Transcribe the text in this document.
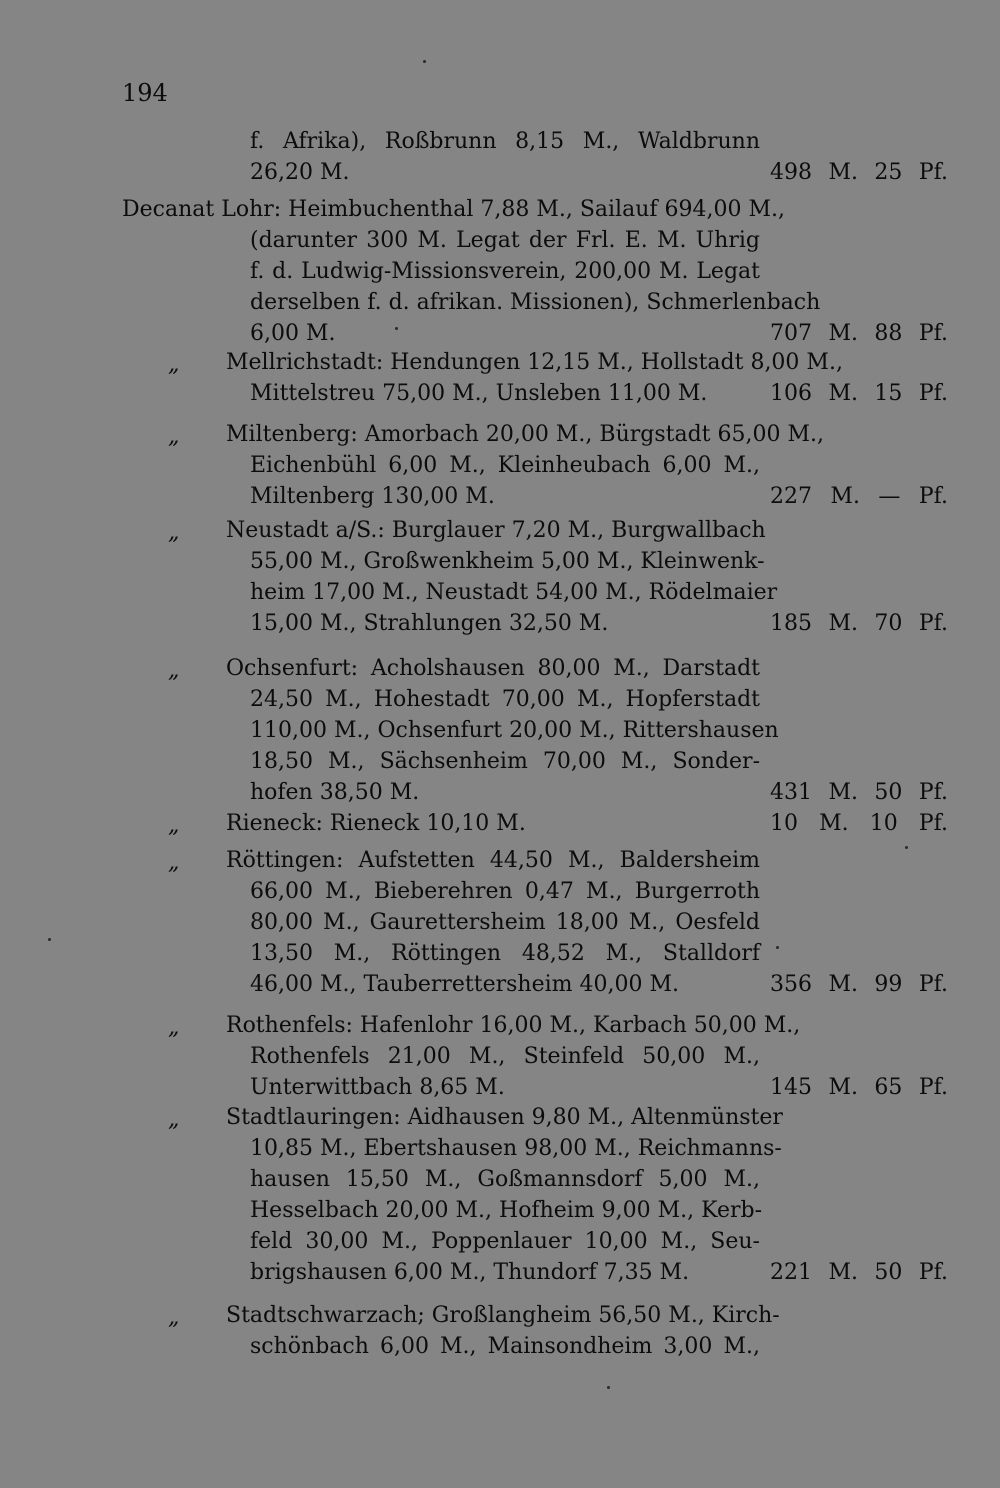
194
f. Afrika), Roßbrunn 8,15 M., Waldbrunn
26,20 M.	498 M. 25 Pf.
Decanat Lohr: Heimbuchenthal 7,88 M., Sailauf 694,00 M.,
(darunter 300 M. Legat der Frl. E. M. Uhrig
f. d. Ludwig-Missionsverein, 200,00 M. Legat
derselben f. d. afrikan. Missionen), Schmerlenbach
6,00 M.	707 M. 88 Pf.
„ Mellrichstadt: Hendungen 12,15 M., Hollstadt 8,00 M.,
Mittelstreu 75,00 M., Unsleben 11,00 M.	106 M. 15 Pf.
„ Miltenberg: Amorbach 20,00 M., Bürgstadt 65,00 M.,
Eichenbühl 6,00 M., Kleinheubach 6,00 M.,
Miltenberg 130,00 M.	227 M. — Pf.
„ Neustadt a/S.: Burglauer 7,20 M., Burgwallbach
55,00 M., Großwenkheim 5,00 M., Kleinwenk-
heim 17,00 M., Neustadt 54,00 M., Rödelmaier
15,00 M., Strahlungen 32,50 M.	185 M. 70 Pf.
„ Ochsenfurt: Acholshausen 80,00 M., Darstadt
24,50 M., Hohestadt 70,00 M., Hopferstadt
110,00 M., Ochsenfurt 20,00 M., Rittershausen
18,50 M., Sächsenheim 70,00 M., Sonder-
hofen 38,50 M.	431 M. 50 Pf.
„ Rieneck: Rieneck 10,10 M.	10 M. 10 Pf.
„ Röttingen: Aufstetten 44,50 M., Baldersheim
66,00 M., Bieberehren 0,47 M., Burgerroth
80,00 M., Gaurettersheim 18,00 M., Oesfeld
13,50 M., Röttingen 48,52 M., Stalldorf
46,00 M., Tauberrettersheim 40,00 M.	356 M. 99 Pf.
„ Rothenfels: Hafenlohr 16,00 M., Karbach 50,00 M.,
Rothenfels 21,00 M., Steinfeld 50,00 M.,
Unterwittbach 8,65 M.	145 M. 65 Pf.
„ Stadtlauringen: Aidhausen 9,80 M., Altenmünster
10,85 M., Ebertshausen 98,00 M., Reichmanns-
hausen 15,50 M., Goßmannsdorf 5,00 M.,
Hesselbach 20,00 M., Hofheim 9,00 M., Kerb-
feld 30,00 M., Poppenlauer 10,00 M., Seu-
brigshausen 6,00 M., Thundorf 7,35 M.	221 M. 50 Pf.
„ Stadtschwarzach; Großlangheim 56,50 M., Kirch-
schönbach 6,00 M., Mainsondheim 3,00 M.,
